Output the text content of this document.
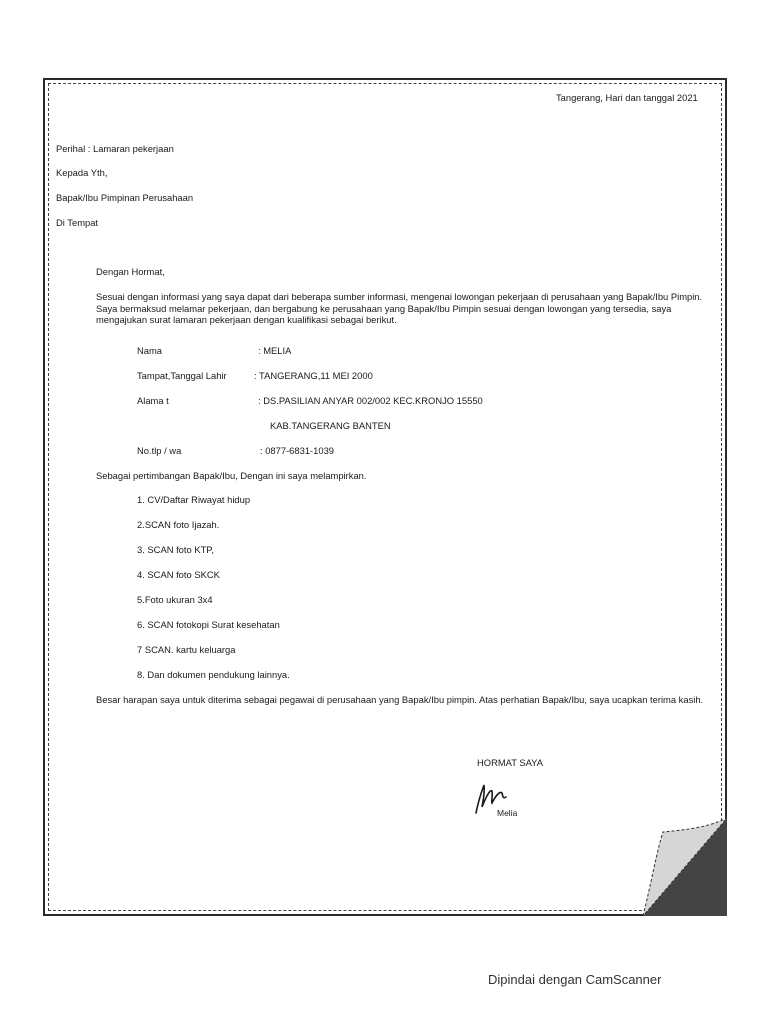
Tangerang, Hari dan tanggal 2021
Perihal : Lamaran pekerjaan
Kepada Yth,
Bapak/Ibu Pimpinan Perusahaan
Di Tempat
Dengan Hormat,
Sesuai dengan informasi yang saya dapat dari beberapa sumber informasi, mengenai lowongan pekerjaan di perusahaan yang Bapak/Ibu Pimpin. Saya bermaksud melamar pekerjaan, dan bergabung ke perusahaan yang Bapak/Ibu Pimpin sesuai dengan lowongan yang tersedia, saya mengajukan surat lamaran pekerjaan dengan kualifikasi sebagai berikut.
Nama	: MELIA
Tampat,Tanggal Lahir	: TANGERANG,11 MEI 2000
Alama t	: DS.PASILIAN ANYAR 002/002 KEC.KRONJO 15550
KAB.TANGERANG BANTEN
No.tlp / wa	: 0877-6831-1039
Sebagai pertimbangan Bapak/Ibu, Dengan ini saya melampirkan.
1. CV/Daftar Riwayat hidup
2.SCAN foto Ijazah.
3. SCAN foto KTP,
4. SCAN foto SKCK
5.Foto ukuran 3x4
6. SCAN fotokopi Surat kesehatan
7 SCAN. kartu keluarga
8. Dan dokumen pendukung lainnya.
Besar harapan saya untuk diterima sebagai pegawai di perusahaan yang Bapak/Ibu pimpin. Atas perhatian Bapak/Ibu, saya ucapkan terima kasih.
HORMAT SAYA
Melia
Dipindai dengan CamScanner
